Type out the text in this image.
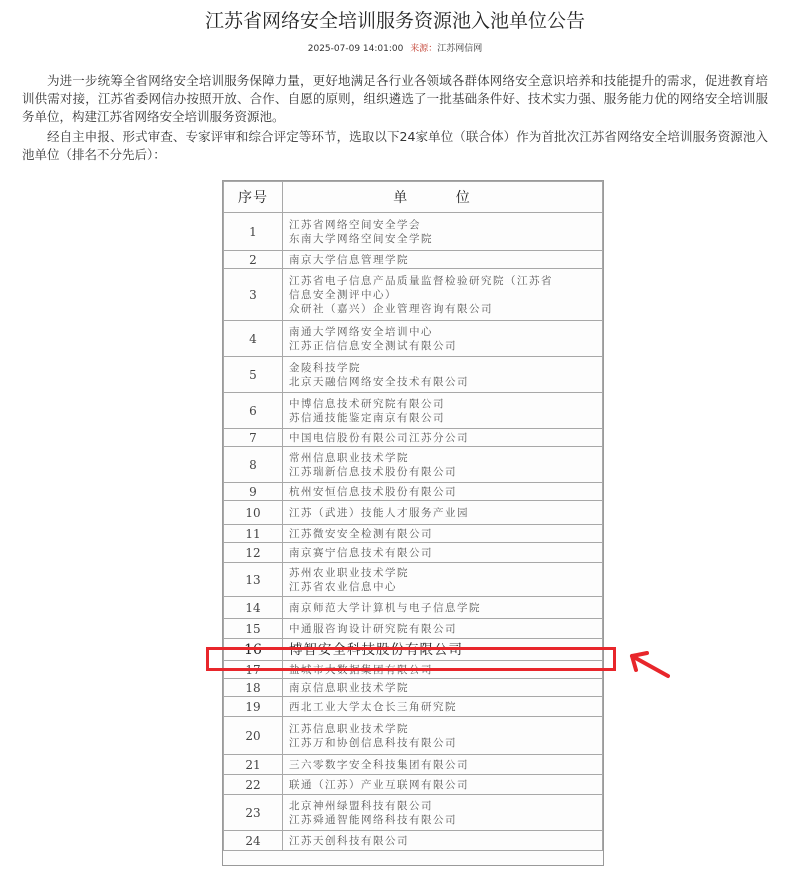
江苏省网络安全培训服务资源池入池单位公告
2025-07-09 14:01:00 来源：江苏网信网

为进一步统筹全省网络安全培训服务保障力量，更好地满足各行业各领域各群体网络安全意识培养和技能提升的需求，促进教育培训供需对接，江苏省委网信办按照开放、合作、自愿的原则，组织遴选了一批基础条件好、技术实力强、服务能力优的网络安全培训服务单位，构建江苏省网络安全培训服务资源池。

经自主申报、形式审查、专家评审和综合评定等环节，选取以下24家单位（联合体）作为首批次江苏省网络安全培训服务资源池入池单位（排名不分先后）：

序号	单 位
1	江苏省网络空间安全学会
东南大学网络空间安全学院

2	南京大学信息管理学院

3	江苏省电子信息产品质量监督检验研究院（江苏省
信息安全测评中心）
众研社（嘉兴）企业管理咨询有限公司

4	南通大学网络安全培训中心
江苏正信信息安全测试有限公司

5	金陵科技学院
北京天融信网络安全技术有限公司

6	中博信息技术研究院有限公司
苏信通技能鉴定南京有限公司

7	中国电信股份有限公司江苏分公司

8	常州信息职业技术学院
江苏瑞新信息技术股份有限公司

9	杭州安恒信息技术股份有限公司

10	江苏（武进）技能人才服务产业园

11	江苏微安安全检测有限公司

12	南京赛宁信息技术有限公司

13	苏州农业职业技术学院
江苏省农业信息中心

14	南京师范大学计算机与电子信息学院

15	中通服咨询设计研究院有限公司

16	博智安全科技股份有限公司

17	盐城市大数据集团有限公司

18	南京信息职业技术学院

19	西北工业大学太仓长三角研究院

20	江苏信息职业技术学院
江苏万和协创信息科技有限公司

21	三六零数字安全科技集团有限公司

22	联通（江苏）产业互联网有限公司

23	北京神州绿盟科技有限公司
江苏舜通智能网络科技有限公司

24	江苏天创科技有限公司
